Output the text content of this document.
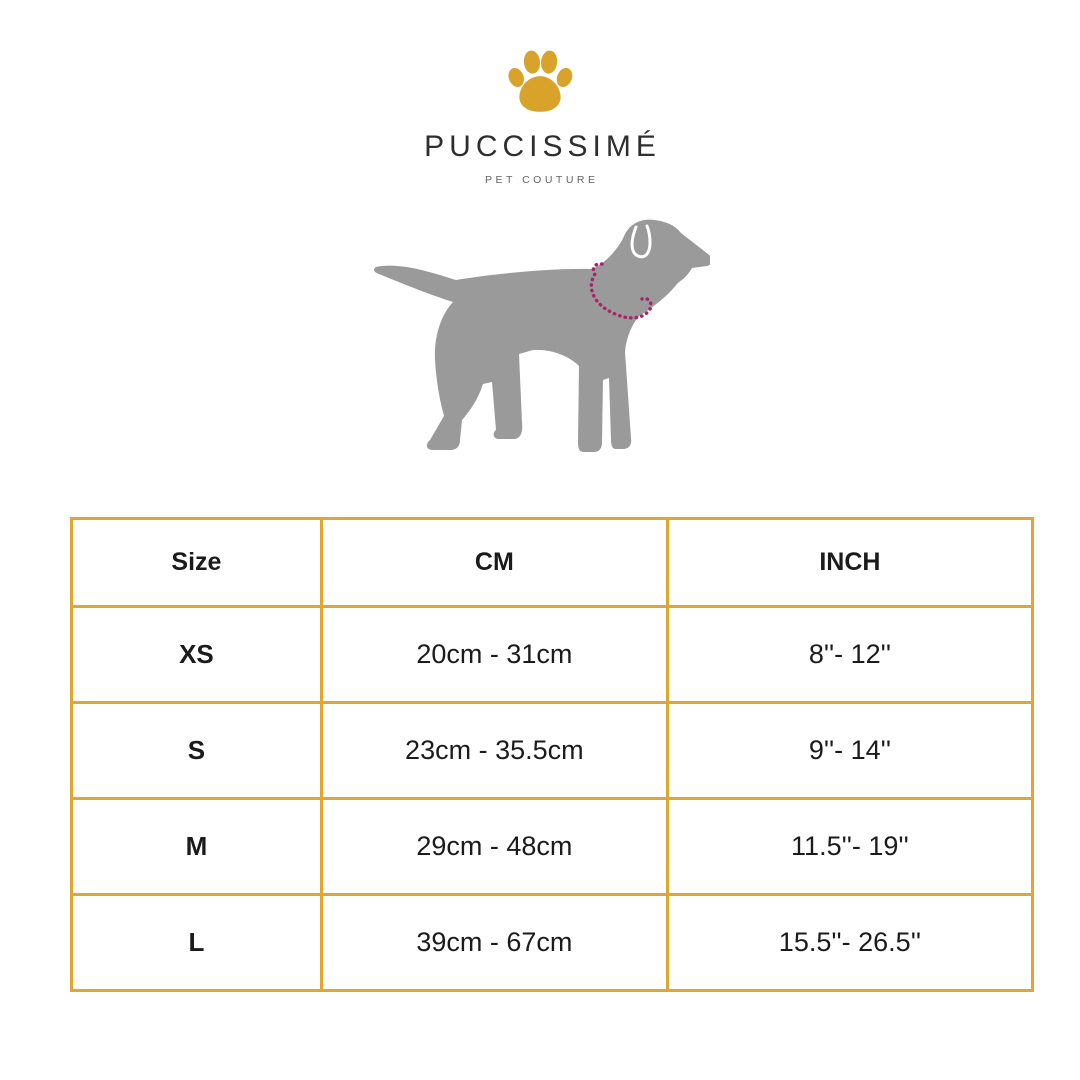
PUCCISSIMÉ
PET COUTURE
Size	CM	INCH
XS	20cm - 31cm	8''- 12''
S	23cm - 35.5cm	9''- 14''
M	29cm - 48cm	11.5''- 19''
L	39cm - 67cm	15.5''- 26.5''
